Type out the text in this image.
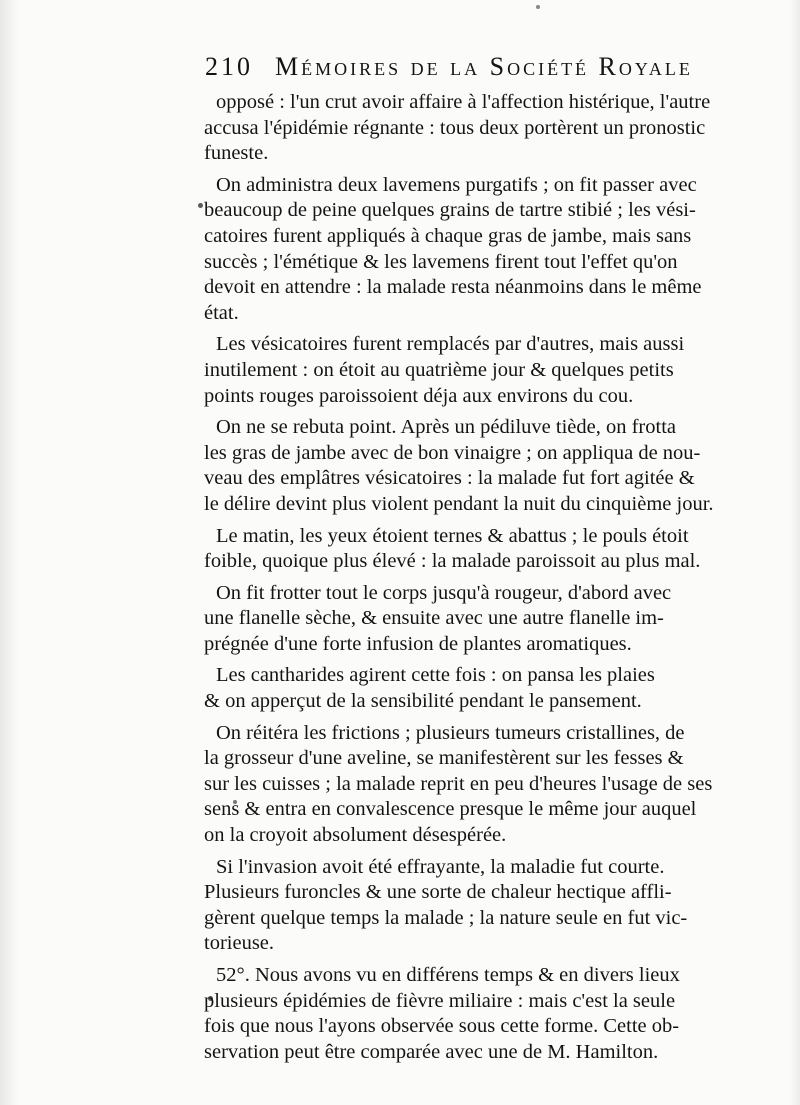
210 Mémoires de la Société Royale
opposé : l'un crut avoir affaire à l'affection histérique, l'autre
accusa l'épidémie régnante : tous deux portèrent un pronostic
funeste.
On administra deux lavemens purgatifs ; on fit passer avec
beaucoup de peine quelques grains de tartre stibié ; les vési-
catoires furent appliqués à chaque gras de jambe, mais sans
succès ; l'émétique & les lavemens firent tout l'effet qu'on
devoit en attendre : la malade resta néanmoins dans le même
état.
Les vésicatoires furent remplacés par d'autres, mais aussi
inutilement : on étoit au quatrième jour & quelques petits
points rouges paroissoient déja aux environs du cou.
On ne se rebuta point. Après un pédiluve tiède, on frotta
les gras de jambe avec de bon vinaigre ; on appliqua de nou-
veau des emplâtres vésicatoires : la malade fut fort agitée &
le délire devint plus violent pendant la nuit du cinquième jour.
Le matin, les yeux étoient ternes & abattus ; le pouls étoit
foible, quoique plus élevé : la malade paroissoit au plus mal.
On fit frotter tout le corps jusqu'à rougeur, d'abord avec
une flanelle sèche, & ensuite avec une autre flanelle im-
prégnée d'une forte infusion de plantes aromatiques.
Les cantharides agirent cette fois : on pansa les plaies
& on apperçut de la sensibilité pendant le pansement.
On réitéra les frictions ; plusieurs tumeurs cristallines, de
la grosseur d'une aveline, se manifestèrent sur les fesses &
sur les cuisses ; la malade reprit en peu d'heures l'usage de ses
sens & entra en convalescence presque le même jour auquel
on la croyoit absolument désespérée.
Si l'invasion avoit été effrayante, la maladie fut courte.
Plusieurs furoncles & une sorte de chaleur hectique affli-
gèrent quelque temps la malade ; la nature seule en fut vic-
torieuse.
52°. Nous avons vu en différens temps & en divers lieux
plusieurs épidémies de fièvre miliaire : mais c'est la seule
fois que nous l'ayons observée sous cette forme. Cette ob-
servation peut être comparée avec une de M. Hamilton.
